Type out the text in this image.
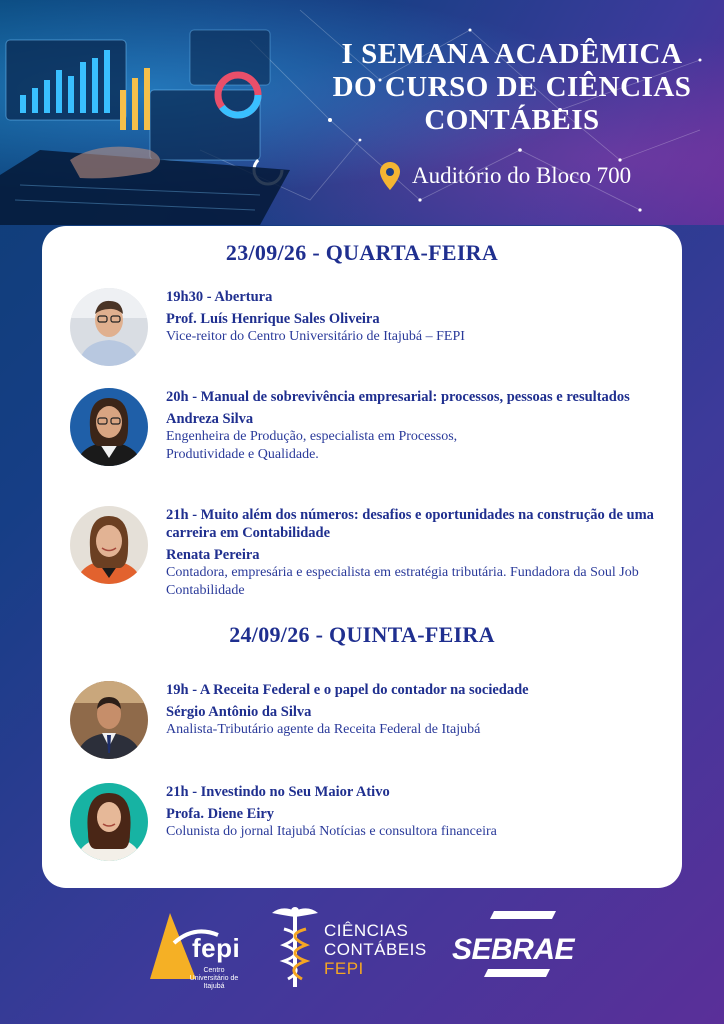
I SEMANA ACADÊMICA
DO CURSO DE CIÊNCIAS
CONTÁBEIS
Auditório do Bloco 700
23/09/26 - QUARTA-FEIRA
19h30 - Abertura
Prof. Luís Henrique Sales Oliveira
Vice-reitor do Centro Universitário de Itajubá – FEPI
20h - Manual de sobrevivência empresarial: processos, pessoas e resultados
Andreza Silva
Engenheira de Produção, especialista em Processos, Produtividade e Qualidade.
21h - Muito além dos números: desafios e oportunidades na construção de uma carreira em Contabilidade
Renata Pereira
Contadora, empresária e especialista em estratégia tributária. Fundadora da Soul Job Contabilidade
24/09/26 - QUINTA-FEIRA
19h - A Receita Federal e o papel do contador na sociedade
Sérgio Antônio da Silva
Analista-Tributário agente da Receita Federal de Itajubá
21h - Investindo no Seu Maior Ativo
Profa. Diene Eiry
Colunista do jornal Itajubá Notícias e consultora financeira
fepi
Centro Universitário de Itajubá
CIÊNCIAS
CONTÁBEIS
FEPI
SEBRAE
